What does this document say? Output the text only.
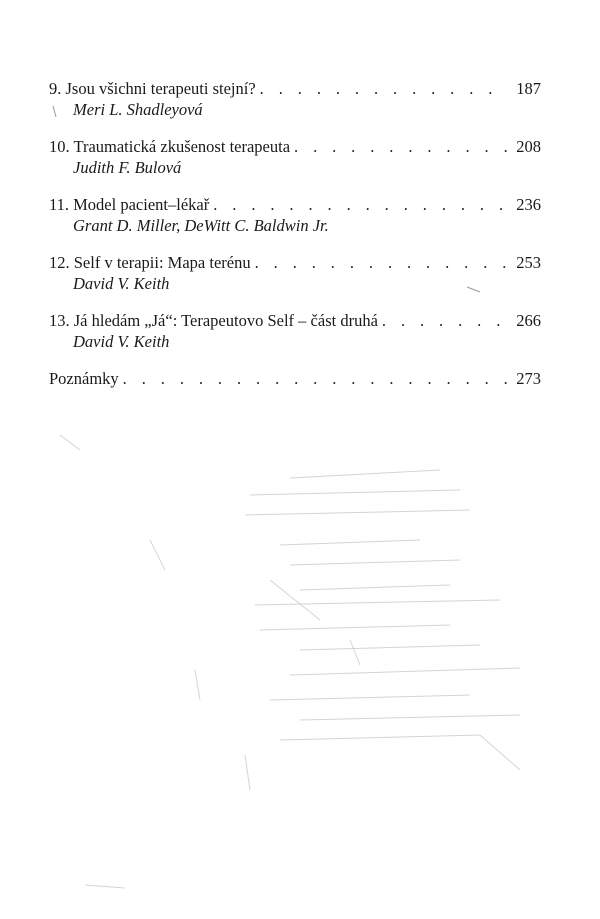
9. Jsou všichni terapeuti stejní? . . .	187
Meri L. Shadleyová
10. Traumatická zkušenost terapeuta . . .	208
Judith F. Bulová
11. Model pacient–lékař . . .	236
Grant D. Miller, DeWitt C. Baldwin Jr.
12. Self v terapii: Mapa terénu . . .	253
David V. Keith
13. Já hledám „Já“: Terapeutovo Self – část druhá . . .	266
David V. Keith
Poznámky . . .	273
